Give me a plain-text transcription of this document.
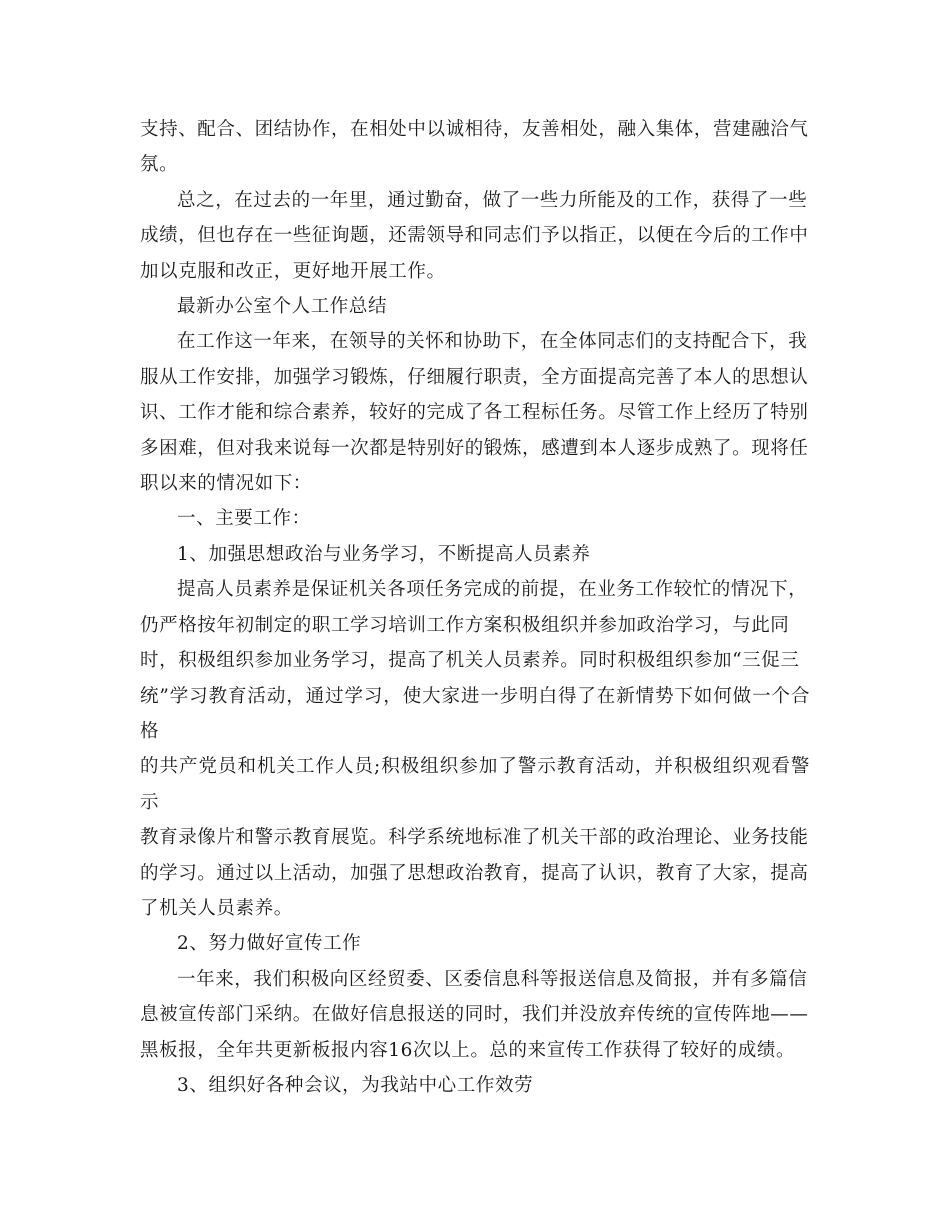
支持、配合、团结协作，在相处中以诚相待，友善相处，融入集体，营建融洽气
氛。

总之，在过去的一年里，通过勤奋，做了一些力所能及的工作，获得了一些
成绩，但也存在一些征询题，还需领导和同志们予以指正，以便在今后的工作中
加以克服和改正，更好地开展工作。

最新办公室个人工作总结

在工作这一年来，在领导的关怀和协助下，在全体同志们的支持配合下，我
服从工作安排，加强学习锻炼，仔细履行职责，全方面提高完善了本人的思想认
识、工作才能和综合素养，较好的完成了各工程标任务。尽管工作上经历了特别
多困难，但对我来说每一次都是特别好的锻炼，感遭到本人逐步成熟了。现将任
职以来的情况如下：

一、主要工作：

1、加强思想政治与业务学习，不断提高人员素养

提高人员素养是保证机关各项任务完成的前提，在业务工作较忙的情况下，
仍严格按年初制定的职工学习培训工作方案积极组织并参加政治学习，与此同
时，积极组织参加业务学习，提高了机关人员素养。同时积极组织参加“三促三
统”学习教育活动，通过学习，使大家进一步明白得了在新情势下如何做一个合格
的共产党员和机关工作人员;积极组织参加了警示教育活动，并积极组织观看警示
教育录像片和警示教育展览。科学系统地标准了机关干部的政治理论、业务技能
的学习。通过以上活动，加强了思想政治教育，提高了认识，教育了大家，提高
了机关人员素养。

2、努力做好宣传工作

一年来，我们积极向区经贸委、区委信息科等报送信息及简报，并有多篇信
息被宣传部门采纳。在做好信息报送的同时，我们并没放弃传统的宣传阵地——
黑板报，全年共更新板报内容16次以上。总的来宣传工作获得了较好的成绩。

3、组织好各种会议，为我站中心工作效劳
